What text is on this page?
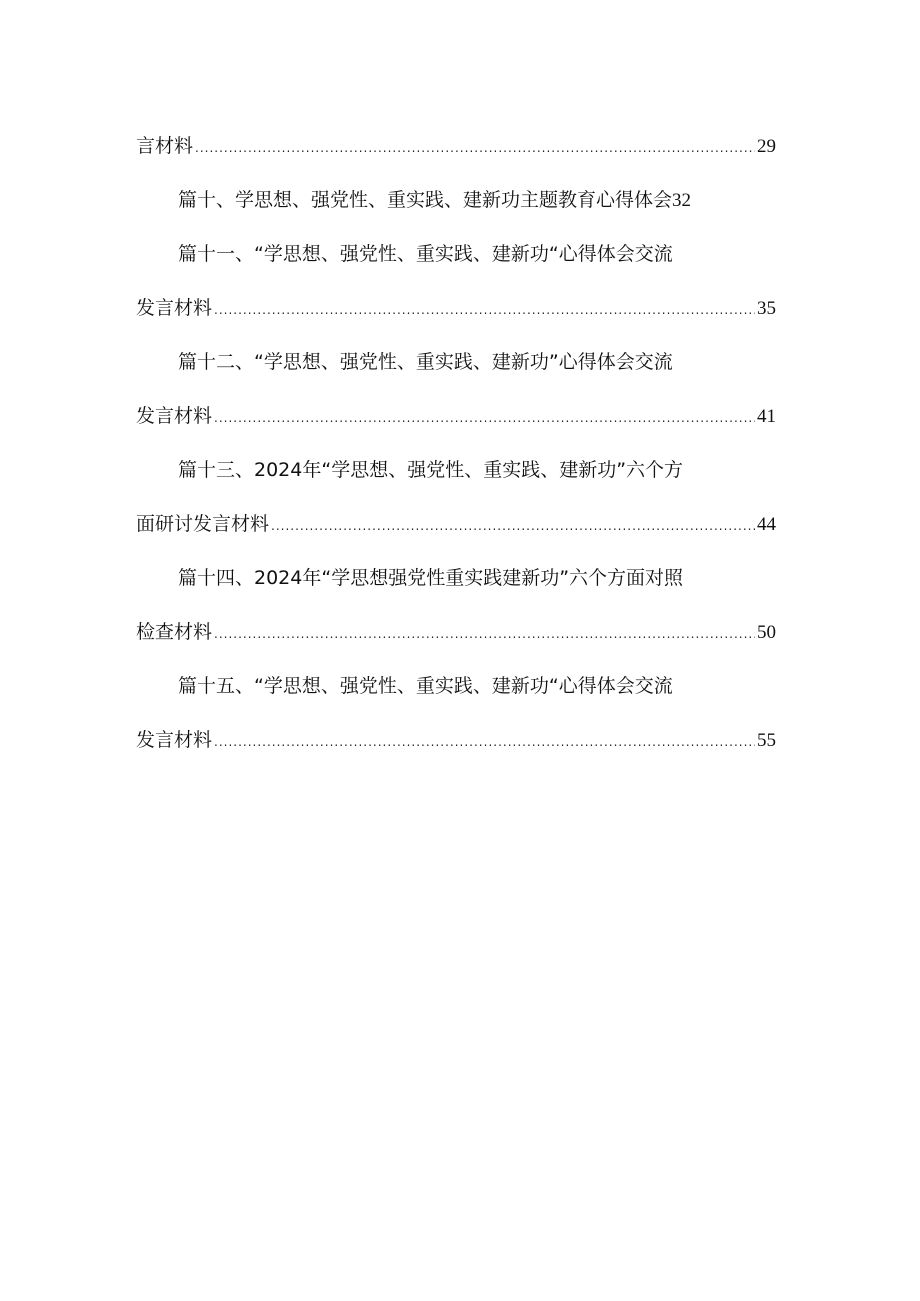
言材料 .....	29
篇十、学思想、强党性、重实践、建新功主题教育心得体会32
篇十一、“学思想、强党性、重实践、建新功“心得体会交流
发言材料 .....	35
篇十二、“学思想、强党性、重实践、建新功”心得体会交流
发言材料 .....	41
篇十三、2024年“学思想、强党性、重实践、建新功”六个方
面研讨发言材料 .....	44
篇十四、2024年“学思想强党性重实践建新功”六个方面对照
检查材料 .....	50
篇十五、“学思想、强党性、重实践、建新功“心得体会交流
发言材料 .....	55
